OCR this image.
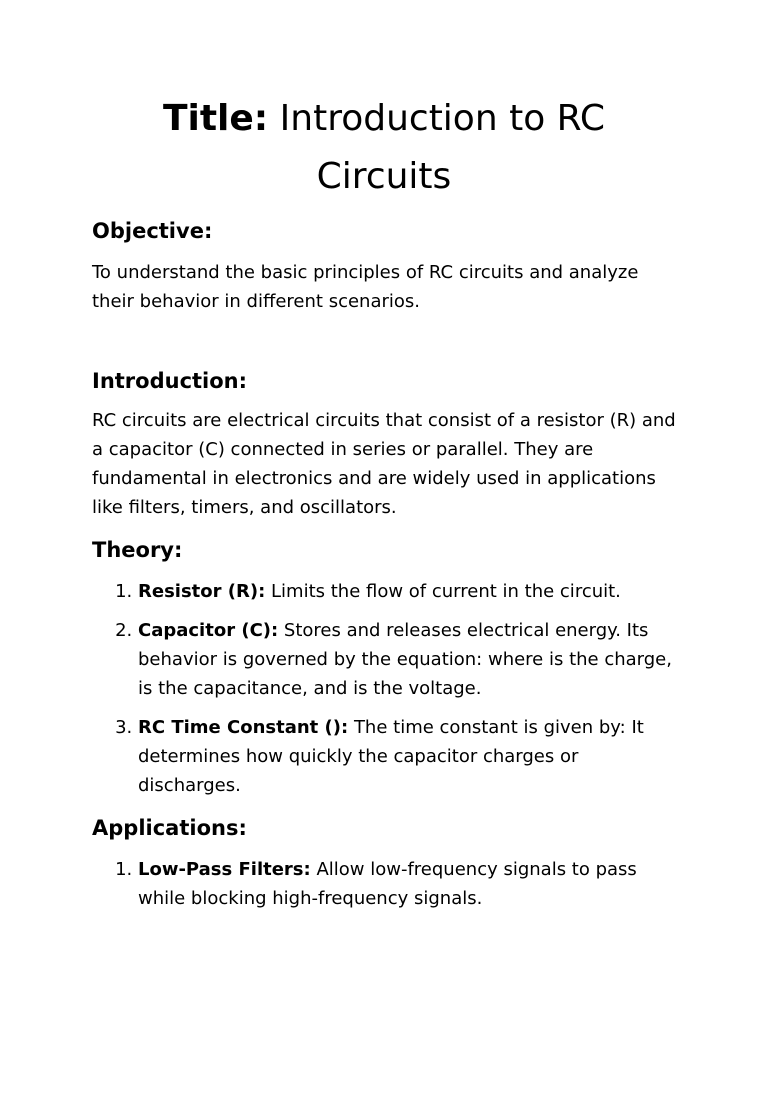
Title: Introduction to RC Circuits
Objective:

To understand the basic principles of RC circuits and analyze their behavior in different scenarios.

Introduction:

RC circuits are electrical circuits that consist of a resistor (R) and a capacitor (C) connected in series or parallel. They are fundamental in electronics and are widely used in applications like filters, timers, and oscillators.

Theory:
1. Resistor (R): Limits the flow of current in the circuit.
2. Capacitor (C): Stores and releases electrical energy. Its behavior is governed by the equation: where is the charge, is the capacitance, and is the voltage.
3. RC Time Constant (): The time constant is given by: It determines how quickly the capacitor charges or discharges.
Applications:
1. Low-Pass Filters: Allow low-frequency signals to pass while blocking high-frequency signals.
